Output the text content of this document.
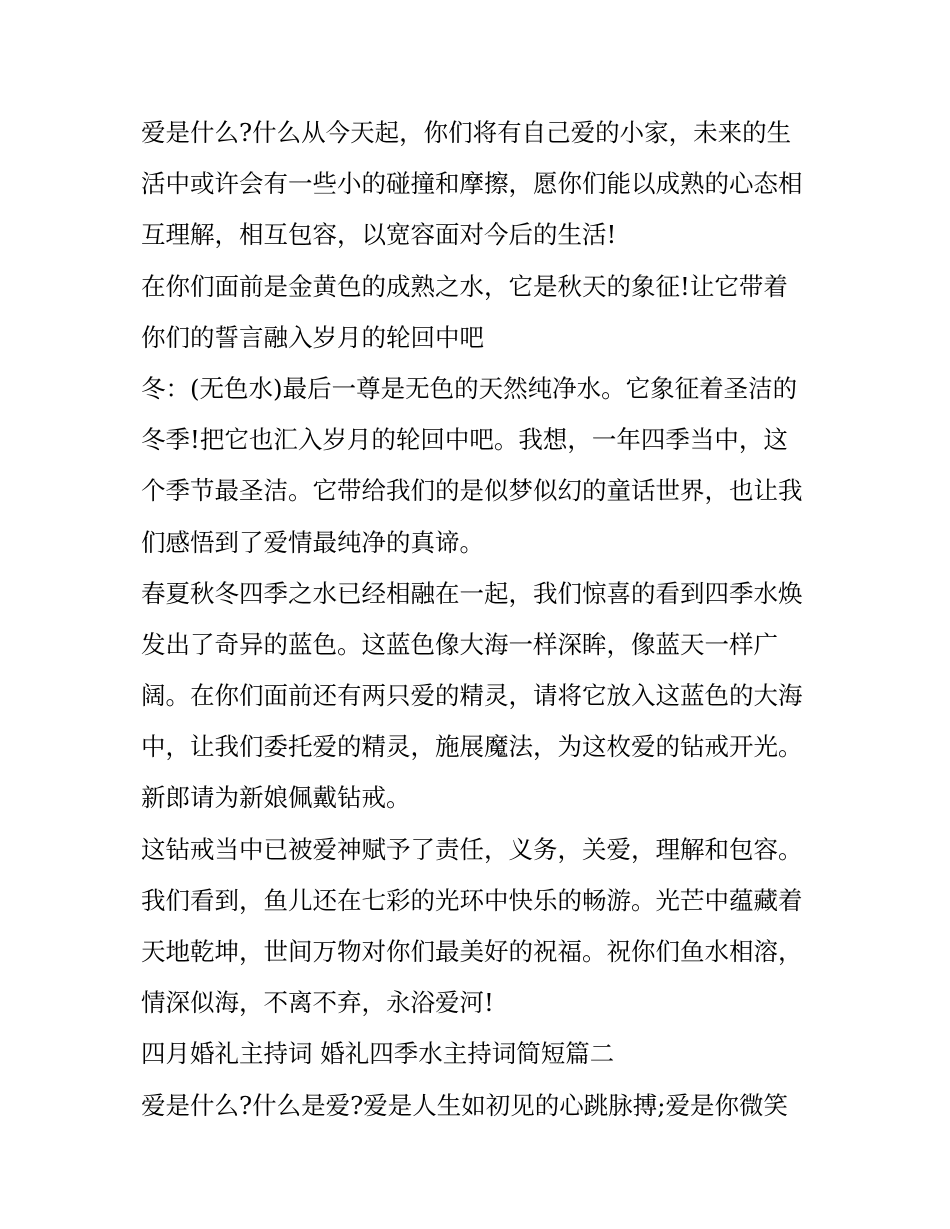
爱是什么?什么从今天起，你们将有自己爱的小家，未来的生
活中或许会有一些小的碰撞和摩擦，愿你们能以成熟的心态相
互理解，相互包容，以宽容面对今后的生活!
在你们面前是金黄色的成熟之水，它是秋天的象征!让它带着
你们的誓言融入岁月的轮回中吧
冬：(无色水)最后一尊是无色的天然纯净水。它象征着圣洁的
冬季!把它也汇入岁月的轮回中吧。我想，一年四季当中，这
个季节最圣洁。它带给我们的是似梦似幻的童话世界，也让我
们感悟到了爱情最纯净的真谛。
春夏秋冬四季之水已经相融在一起，我们惊喜的看到四季水焕
发出了奇异的蓝色。这蓝色像大海一样深眸，像蓝天一样广
阔。在你们面前还有两只爱的精灵，请将它放入这蓝色的大海
中，让我们委托爱的精灵，施展魔法，为这枚爱的钻戒开光。
新郎请为新娘佩戴钻戒。
这钻戒当中已被爱神赋予了责任，义务，关爱，理解和包容。
我们看到，鱼儿还在七彩的光环中快乐的畅游。光芒中蕴藏着
天地乾坤，世间万物对你们最美好的祝福。祝你们鱼水相溶，
情深似海，不离不弃，永浴爱河!
四月婚礼主持词 婚礼四季水主持词简短篇二
爱是什么?什么是爱?爱是人生如初见的心跳脉搏;爱是你微笑
